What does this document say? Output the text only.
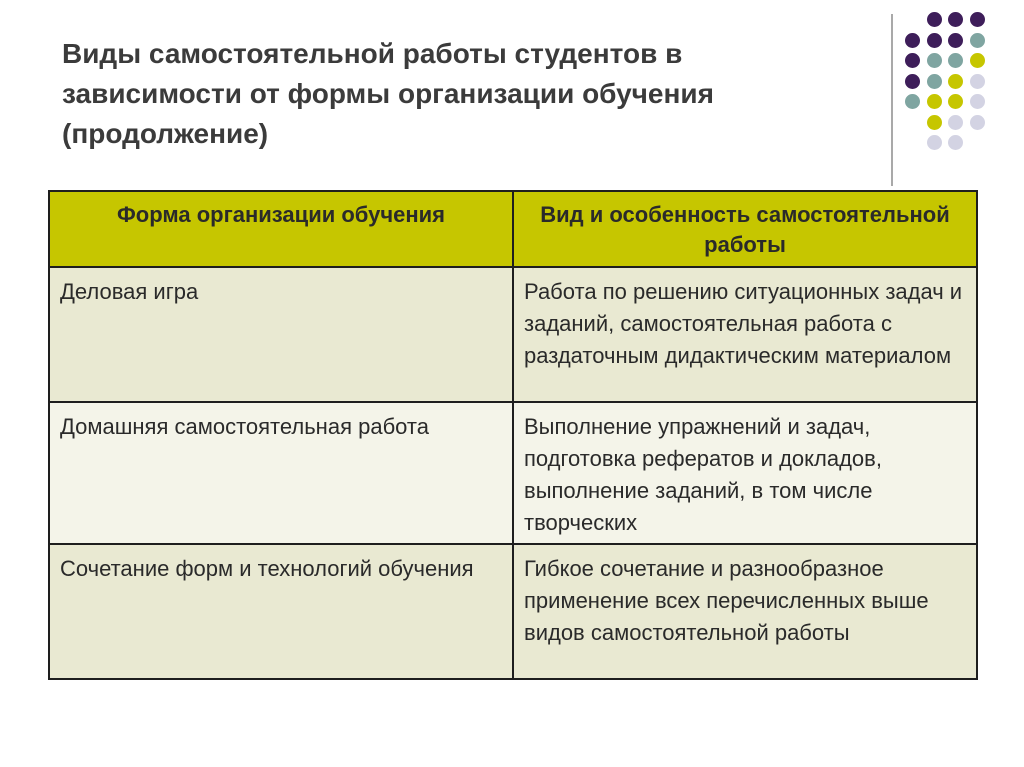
Виды самостоятельной работы студентов в
зависимости от формы организации обучения
(продолжение)
Форма организации обучения	Вид и особенность самостоятельной работы
Деловая игра	Работа по решению ситуационных задач и заданий, самостоятельная работа с раздаточным дидактическим материалом
Домашняя самостоятельная работа	Выполнение упражнений и задач, подготовка рефератов и докладов, выполнение заданий, в том числе творческих
Сочетание форм и технологий обучения	Гибкое сочетание и разнообразное применение всех перечисленных выше видов самостоятельной работы
